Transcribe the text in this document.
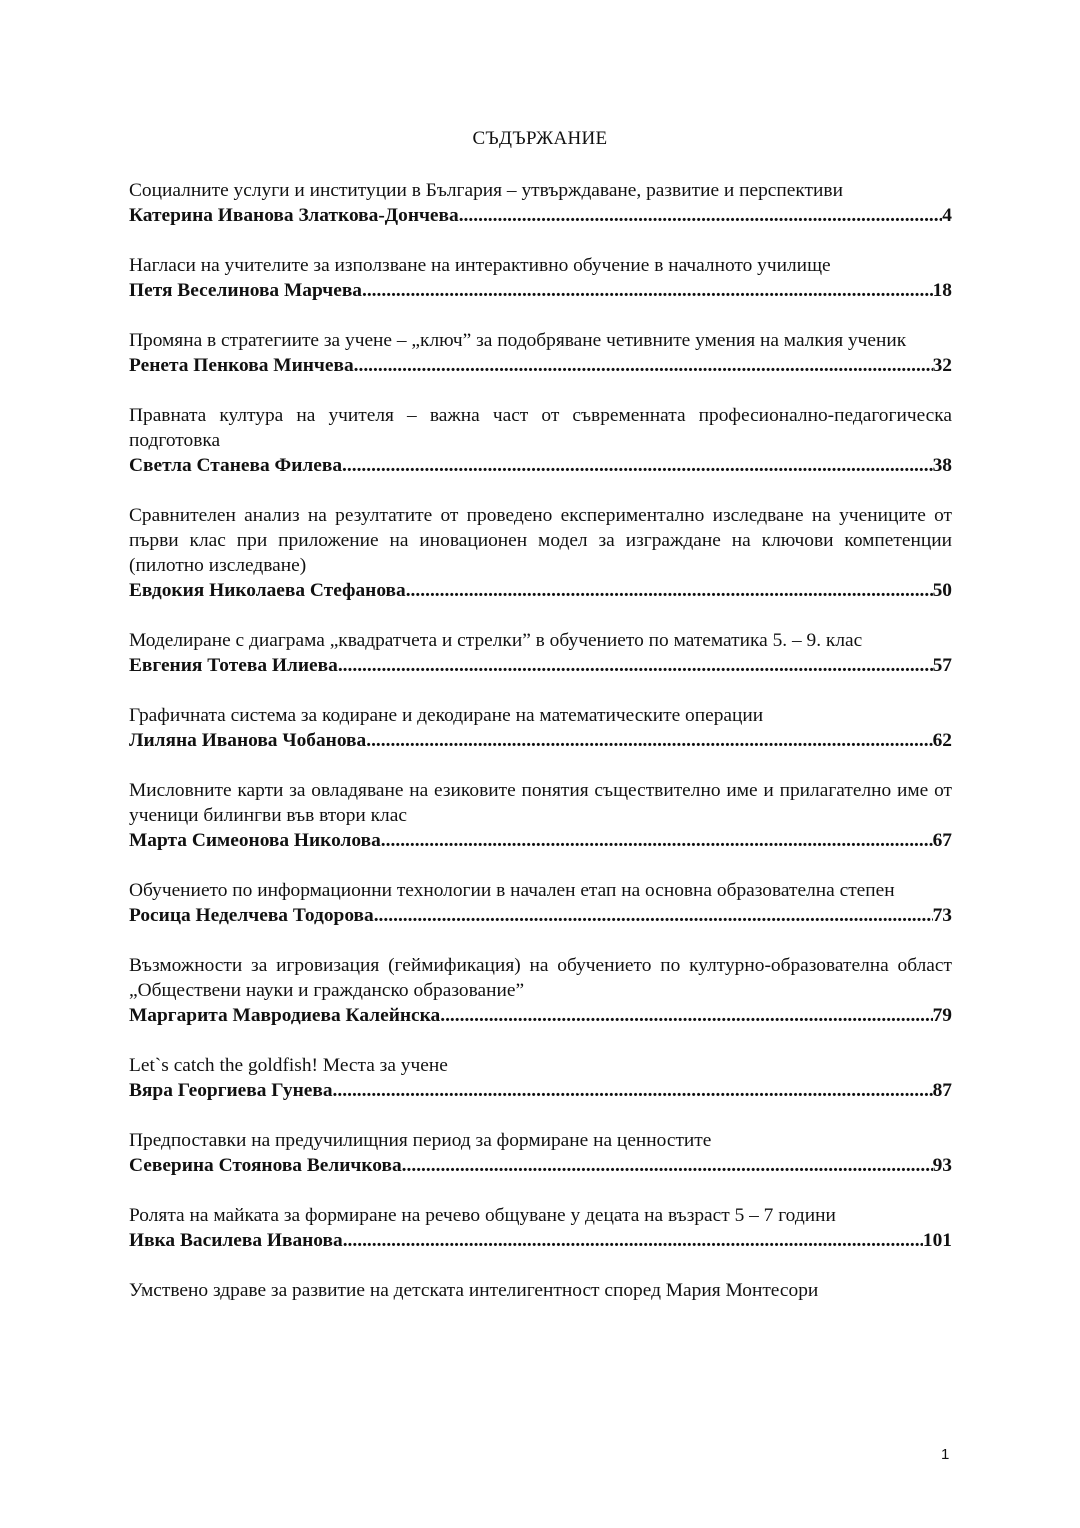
СЪДЪРЖАНИЕ
Социалните услуги и институции в България – утвърждаване, развитие и перспективи
Катерина Иванова Златкова-Дончева .....	4
Нагласи на учителите за използване на интерактивно обучение в началното училище
Петя Веселинова Марчева .....	18
Промяна в стратегиите за учене – „ключ” за подобряване четивните умения на малкия ученик
Ренета Пенкова Минчева .....	32
Правната култура на учителя – важна част от съвременната професионално-педагогическа подготовка
Светла Станева Филева .....	38
Сравнителен анализ на резултатите от проведено експериментално изследване на учениците от първи клас при приложение на иновационен модел за изграждане на ключови компетенции (пилотно изследване)
Евдокия Николаева Стефанова .....	50
Моделиране с диаграма „квадратчета и стрелки” в обучението по математика 5. – 9. клас
Евгения Тотева Илиева .....	57
Графичната система за кодиране и декодиране на математическите операции
Лиляна Иванова Чобанова .....	62
Мисловните карти за овладяване на езиковите понятия съществително име и прилагателно име от ученици билингви във втори клас
Марта Симеонова Николова .....	67
Обучението по информационни технологии в начален етап на основна образователна степен
Росица Неделчева Тодорова .....	73
Възможности за игровизация (геймификация) на обучението по културно-образователна област „Обществени науки и гражданско образование”
Маргарита Мавродиева Калейнска .....	79
Let`s catch the goldfish! Места за учене
Вяра Георгиева Гунева .....	87
Предпоставки на предучилищния период за формиране на ценностите
Северина Стоянова Величкова .....	93
Ролята на майката за формиране на речево общуване у децата на възраст 5 – 7 години
Ивка Василева Иванова .....	101
Умствено здраве за развитие на детската интелигентност според Мария Монтесори
1
